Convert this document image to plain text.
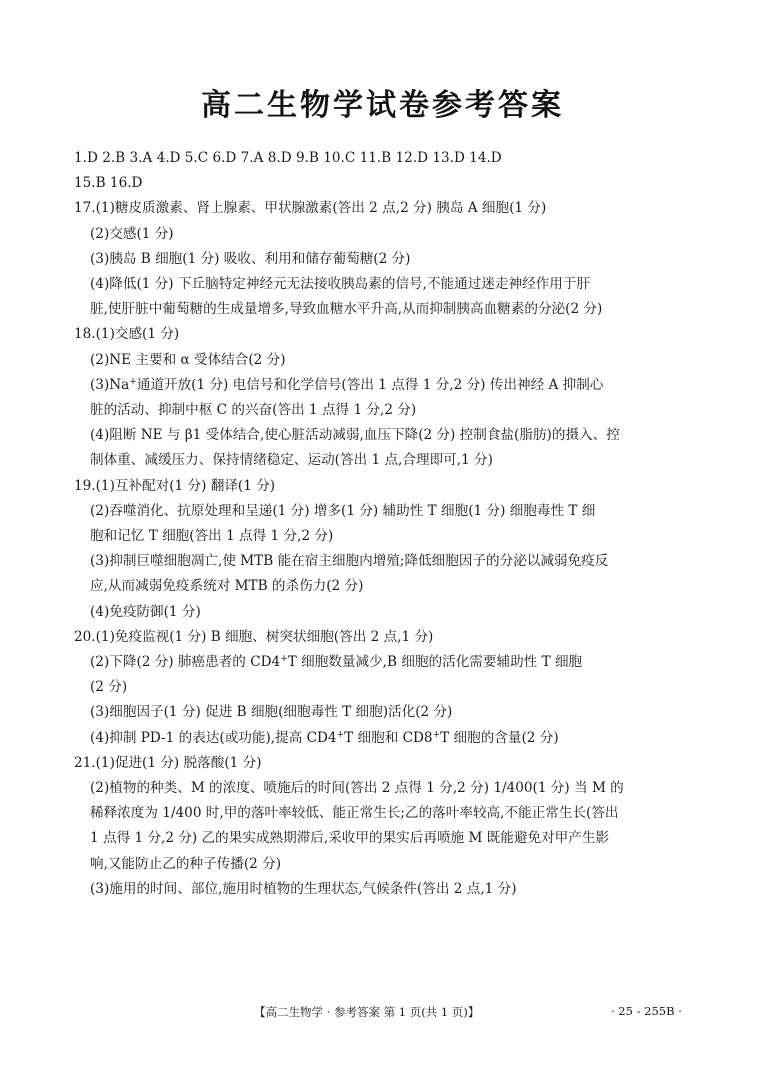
高二生物学试卷参考答案
1.D 2.B 3.A 4.D 5.C 6.D 7.A 8.D 9.B 10.C 11.B 12.D 13.D 14.D
15.B 16.D
17.(1)糖皮质激素、肾上腺素、甲状腺激素(答出 2 点,2 分) 胰岛 A 细胞(1 分)
(2)交感(1 分)
(3)胰岛 B 细胞(1 分) 吸收、利用和储存葡萄糖(2 分)
(4)降低(1 分) 下丘脑特定神经元无法接收胰岛素的信号,不能通过迷走神经作用于肝
脏,使肝脏中葡萄糖的生成量增多,导致血糖水平升高,从而抑制胰高血糖素的分泌(2 分)
18.(1)交感(1 分)
(2)NE 主要和 α 受体结合(2 分)
(3)Na+通道开放(1 分) 电信号和化学信号(答出 1 点得 1 分,2 分) 传出神经 A 抑制心
脏的活动、抑制中枢 C 的兴奋(答出 1 点得 1 分,2 分)
(4)阻断 NE 与 β1 受体结合,使心脏活动减弱,血压下降(2 分) 控制食盐(脂肪)的摄入、控
制体重、减缓压力、保持情绪稳定、运动(答出 1 点,合理即可,1 分)
19.(1)互补配对(1 分) 翻译(1 分)
(2)吞噬消化、抗原处理和呈递(1 分) 增多(1 分) 辅助性 T 细胞(1 分) 细胞毒性 T 细
胞和记忆 T 细胞(答出 1 点得 1 分,2 分)
(3)抑制巨噬细胞凋亡,使 MTB 能在宿主细胞内增殖;降低细胞因子的分泌以减弱免疫反
应,从而减弱免疫系统对 MTB 的杀伤力(2 分)
(4)免疫防御(1 分)
20.(1)免疫监视(1 分) B 细胞、树突状细胞(答出 2 点,1 分)
(2)下降(2 分) 肺癌患者的 CD4+T 细胞数量减少,B 细胞的活化需要辅助性 T 细胞
(2 分)
(3)细胞因子(1 分) 促进 B 细胞(细胞毒性 T 细胞)活化(2 分)
(4)抑制 PD-1 的表达(或功能),提高 CD4+T 细胞和 CD8+T 细胞的含量(2 分)
21.(1)促进(1 分) 脱落酸(1 分)
(2)植物的种类、M 的浓度、喷施后的时间(答出 2 点得 1 分,2 分) 1/400(1 分) 当 M 的
稀释浓度为 1/400 时,甲的落叶率较低、能正常生长;乙的落叶率较高,不能正常生长(答出
1 点得 1 分,2 分) 乙的果实成熟期滞后,采收甲的果实后再喷施 M 既能避免对甲产生影
响,又能防止乙的种子传播(2 分)
(3)施用的时间、部位,施用时植物的生理状态,气候条件(答出 2 点,1 分)
【高二生物学 · 参考答案 第 1 页(共 1 页)】	· 25 - 255B ·
